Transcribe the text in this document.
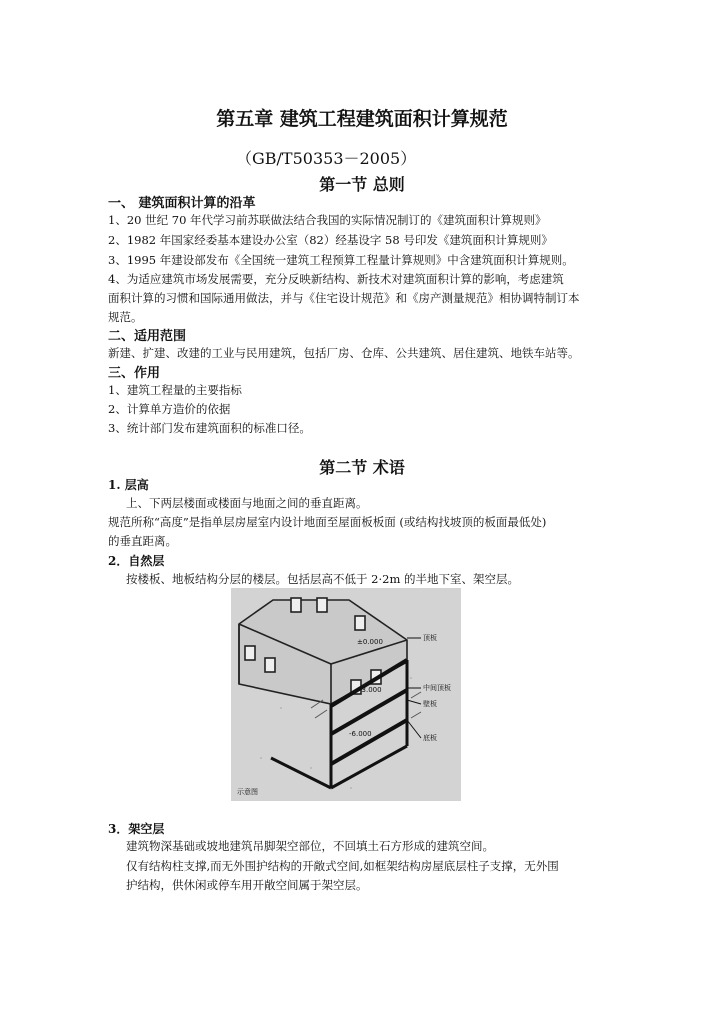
第五章 建筑工程建筑面积计算规范
（GB/T50353－2005）
第一节 总则
一、 建筑面积计算的沿革
1、20 世纪 70 年代学习前苏联做法结合我国的实际情况制订的《建筑面积计算规则》
2、1982 年国家经委基本建设办公室（82）经基设字 58 号印发《建筑面积计算规则》
3、1995 年建设部发布《全国统一建筑工程预算工程量计算规则》中含建筑面积计算规则。
4、为适应建筑市场发展需要，充分反映新结构、新技术对建筑面积计算的影响，考虑建筑
面积计算的习惯和国际通用做法，并与《住宅设计规范》和《房产测量规范》相协调特制订本
规范。
二、适用范围
新建、扩建、改建的工业与民用建筑，包括厂房、仓库、公共建筑、居住建筑、地铁车站等。
三、作用
1、建筑工程量的主要指标
2、计算单方造价的依据
3、统计部门发布建筑面积的标准口径。
第二节 术语
1. 层高
上、下两层楼面或楼面与地面之间的垂直距离。
规范所称“高度”是指单层房屋室内设计地面至屋面板板面 (或结构找坡顶的板面最低处)
的垂直距离。
2．自然层
按楼板、地板结构分层的楼层。包括层高不低于 2·2m 的半地下室、架空层。
±0.000
-3.000
-6.000
顶板
中间顶板
壁板
底板
示意图
3．架空层
建筑物深基础或坡地建筑吊脚架空部位，不回填土石方形成的建筑空间。
仅有结构柱支撑,而无外围护结构的开敞式空间,如框架结构房屋底层柱子支撑，无外围
护结构，供休闲或停车用开敞空间属于架空层。
